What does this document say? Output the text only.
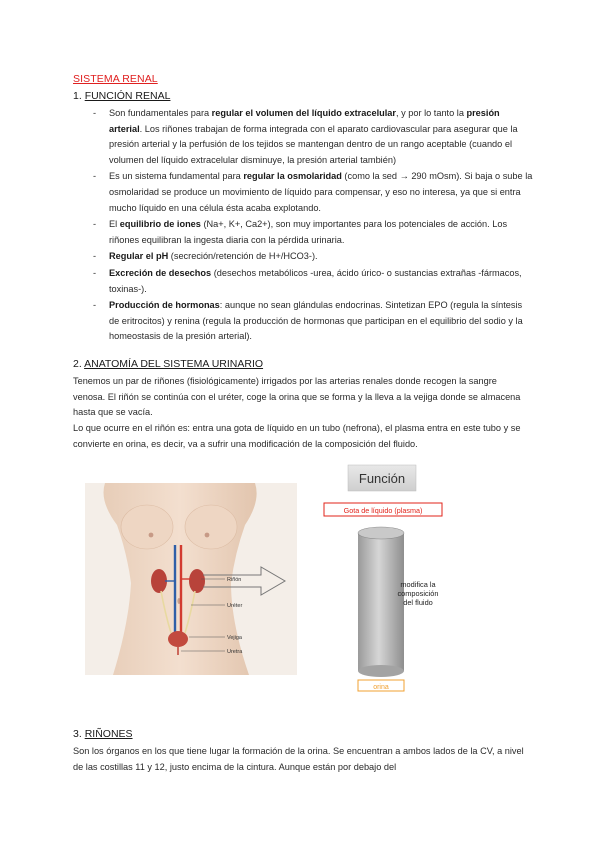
SISTEMA RENAL
1. FUNCIÓN RENAL
- Son fundamentales para regular el volumen del líquido extracelular, y por lo tanto la presión arterial. Los riñones trabajan de forma integrada con el aparato cardiovascular para asegurar que la presión arterial y la perfusión de los tejidos se mantengan dentro de un rango aceptable (cuando el volumen del líquido extracelular disminuye, la presión arterial también)
- Es un sistema fundamental para regular la osmolaridad (como la sed → 290 mOsm). Si baja o sube la osmolaridad se produce un movimiento de líquido para compensar, y eso no interesa, ya que si entra mucho líquido en una célula ésta acaba explotando.
- El equilibrio de iones (Na+, K+, Ca2+), son muy importantes para los potenciales de acción. Los riñones equilibran la ingesta diaria con la pérdida urinaria.
- Regular el pH (secreción/retención de H+/HCO3-).
- Excreción de desechos (desechos metabólicos -urea, ácido úrico- o sustancias extrañas -fármacos, toxinas-).
- Producción de hormonas: aunque no sean glándulas endocrinas. Sintetizan EPO (regula la síntesis de eritrocitos) y renina (regula la producción de hormonas que participan en el equilibrio del sodio y la homeostasis de la presión arterial).
2. ANATOMÍA DEL SISTEMA URINARIO

Tenemos un par de riñones (fisiológicamente) irrigados por las arterias renales donde recogen la sangre venosa. El riñón se continúa con el uréter, coge la orina que se forma y la lleva a la vejiga donde se almacena hasta que se vacía.

Lo que ocurre en el riñón es: entra una gota de líquido en un tubo (nefrona), el plasma entra en este tubo y se convierte en orina, es decir, va a sufrir una modificación de la composición del fluido.

Riñón
Uréter
Vejiga
Uretra
Función
Gota de líquido (plasma)
modifica la
composición
del fluido
orina
3. RIÑONES

Son los órganos en los que tiene lugar la formación de la orina. Se encuentran a ambos lados de la CV, a nivel de las costillas 11 y 12, justo encima de la cintura. Aunque están por debajo del
